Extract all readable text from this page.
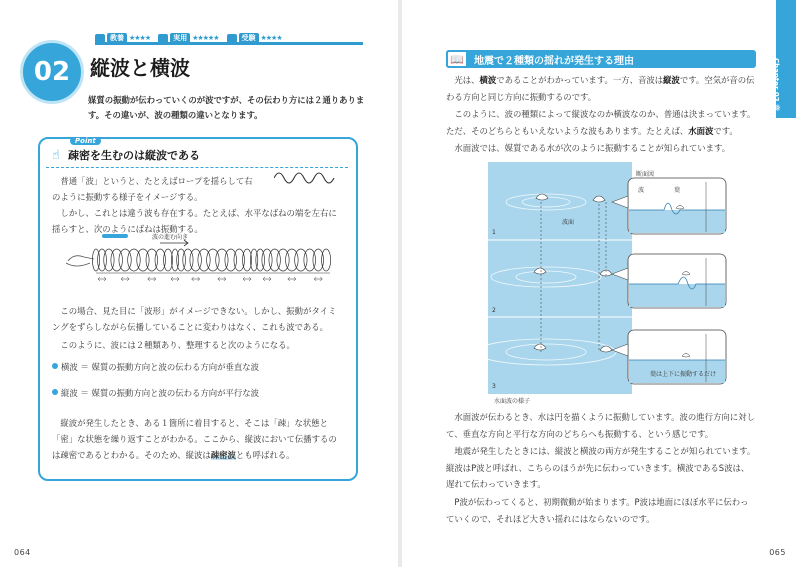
教養 ★★★★	実用 ★★★★★	受験 ★★★★
02 縦波と横波
媒質の振動が伝わっていくのが波ですが、その伝わり方には２通りあります。その違いが、波の種類の違いとなります。
☝
Point
疎密を生むのは縦波である
普通「波」というと、たとえばロープを揺らして右
のように振動する様子をイメージする。
しかし、これとは違う波も存在する。たとえば、水平なばねの端を左右に揺らすと、次のようにばねは振動する。
波の進む向き
この場合、見た目に「波形」がイメージできない。しかし、振動がタイミングをずらしながら伝播していることに変わりはなく、これも波である。
このように、波には２種類あり、整理すると次のようになる。
横波 ＝ 媒質の振動方向と波の伝わる方向が垂直な波
縦波 ＝ 媒質の振動方向と波の伝わる方向が平行な波
縦波が発生したとき、ある１箇所に着目すると、そこは「疎」な状態と「密」な状態を繰り返すことがわかる。ここから、縦波において伝播するのは疎密であるとわかる。そのため、縦波は疎密波とも呼ばれる。
064
Chapter 02 音
📖	地震で２種類の揺れが発生する理由
光は、横波であることがわかっています。一方、音波は縦波です。空気が音の伝わる方向と同じ方向に振動するのです。
このように、波の種類によって縦波なのか横波なのか、普通は決まっています。ただ、そのどちらともいえないような波もあります。たとえば、水面波です。
水面波では、媒質である水が次のように振動することが知られています。
波面
1
2
3
断面図
波	葉
葉は上下に振動するだけ
水面波の様子
水面波が伝わるとき、水は円を描くように振動しています。波の進行方向に対して、垂直な方向と平行な方向のどちらへも振動する、という感じです。
地震が発生したときには、縦波と横波の両方が発生することが知られています。縦波はP波と呼ばれ、こちらのほうが先に伝わっていきます。横波であるS波は、遅れて伝わっていきます。
P波が伝わってくると、初期微動が始まります。P波は地面にほぼ水平に伝わっていくので、それほど大きい揺れにはならないのです。
065
